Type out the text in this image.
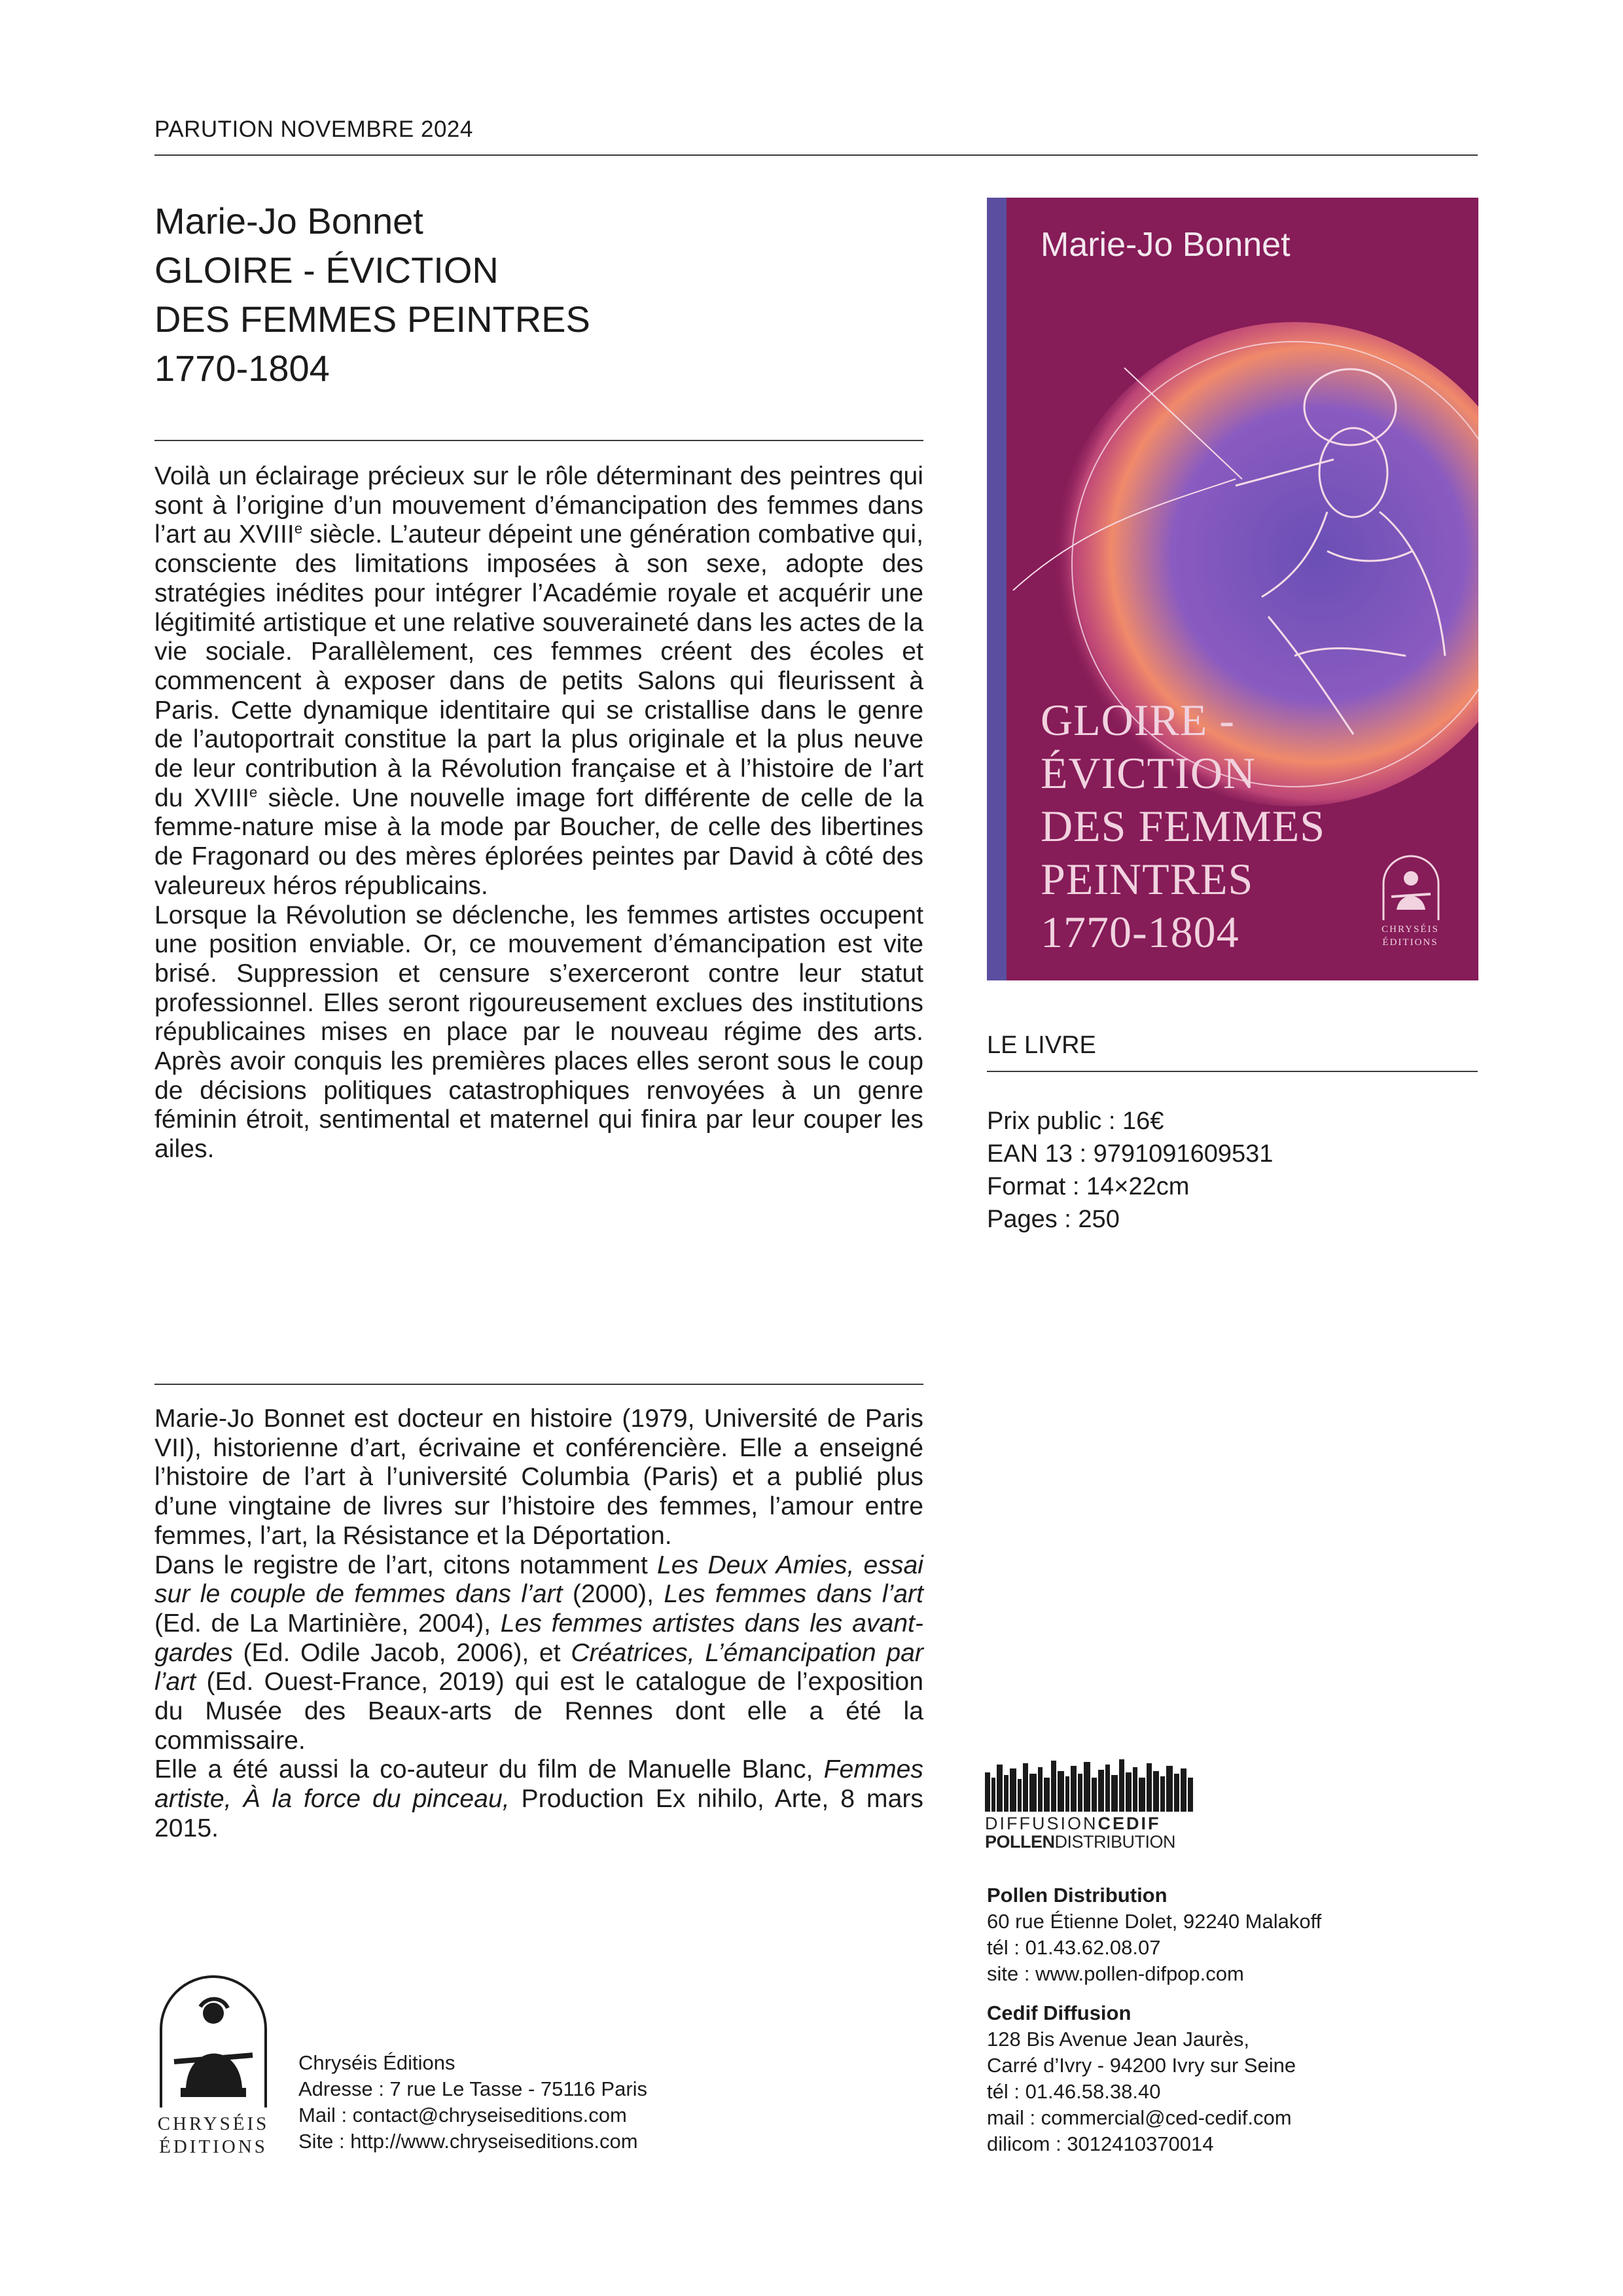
PARUTION NOVEMBRE 2024
Marie-Jo Bonnet
GLOIRE - ÉVICTION
DES FEMMES PEINTRES
1770-1804

Voilà un éclairage précieux sur le rôle déterminant des peintres qui sont à l’origine d’un mouvement d’émancipation des femmes dans l’art au XVIIIe siècle. L’auteur dépeint une génération combative qui, consciente des limitations imposées à son sexe, adopte des stratégies inédites pour intégrer l’Académie royale et acquérir une légitimité artistique et une relative souveraineté dans les actes de la vie sociale. Parallèlement, ces femmes créent des écoles et commencent à exposer dans de petits Salons qui fleurissent à Paris. Cette dynamique identitaire qui se cristallise dans le genre de l’autoportrait constitue la part la plus originale et la plus neuve de leur contribution à la Révolution française et à l’histoire de l’art du XVIIIe siècle. Une nouvelle image fort différente de celle de la femme-nature mise à la mode par Boucher, de celle des libertines de Fragonard ou des mères éplorées peintes par David à côté des valeureux héros républicains.

Lorsque la Révolution se déclenche, les femmes artistes occupent une position enviable. Or, ce mouvement d’émancipation est vite brisé. Suppression et censure s’exerceront contre leur statut professionnel. Elles seront rigoureusement exclues des institutions républicaines mises en place par le nouveau régime des arts. Après avoir conquis les premières places elles seront sous le coup de décisions politiques catastrophiques renvoyées à un genre féminin étroit, sentimental et maternel qui finira par leur couper les ailes.

Marie-Jo Bonnet est docteur en histoire (1979, Université de Paris VII), historienne d’art, écrivaine et conférencière. Elle a enseigné l’histoire de l’art à l’université Columbia (Paris) et a publié plus d’une vingtaine de livres sur l’histoire des femmes, l’amour entre femmes, l’art, la Résistance et la Déportation.

Dans le registre de l’art, citons notamment Les Deux Amies, essai sur le couple de femmes dans l’art (2000), Les femmes dans l’art (Ed. de La Martinière, 2004), Les femmes artistes dans les avant-gardes (Ed. Odile Jacob, 2006), et Créatrices, L’émancipation par l’art (Ed. Ouest-France, 2019) qui est le catalogue de l’exposition du Musée des Beaux-arts de Rennes dont elle a été la commissaire.

Elle a été aussi la co-auteur du film de Manuelle Blanc, Femmes artiste, À la force du pinceau, Production Ex nihilo, Arte, 8 mars 2015.

Marie-Jo Bonnet
GLOIRE -
ÉVICTION
DES FEMMES
PEINTRES
1770-1804	CHRYSÉIS
ÉDITIONS
LE LIVRE
Prix public : 16€
EAN 13 : 9791091609531
Format : 14×22cm
Pages : 250
DIFFUSIONCEDIF
POLLENDISTRIBUTION
Pollen Distribution
60 rue Étienne Dolet, 92240 Malakoff
tél : 01.43.62.08.07
site : www.pollen-difpop.com
Cedif Diffusion
128 Bis Avenue Jean Jaurès,
Carré d’Ivry - 94200 Ivry sur Seine
tél : 01.46.58.38.40
mail : commercial@ced-cedif.com
dilicom : 3012410370014
CHRYSÉIS
ÉDITIONS
Chryséis Éditions
Adresse : 7 rue Le Tasse - 75116 Paris
Mail : contact@chryseiseditions.com
Site : http://www.chryseiseditions.com
